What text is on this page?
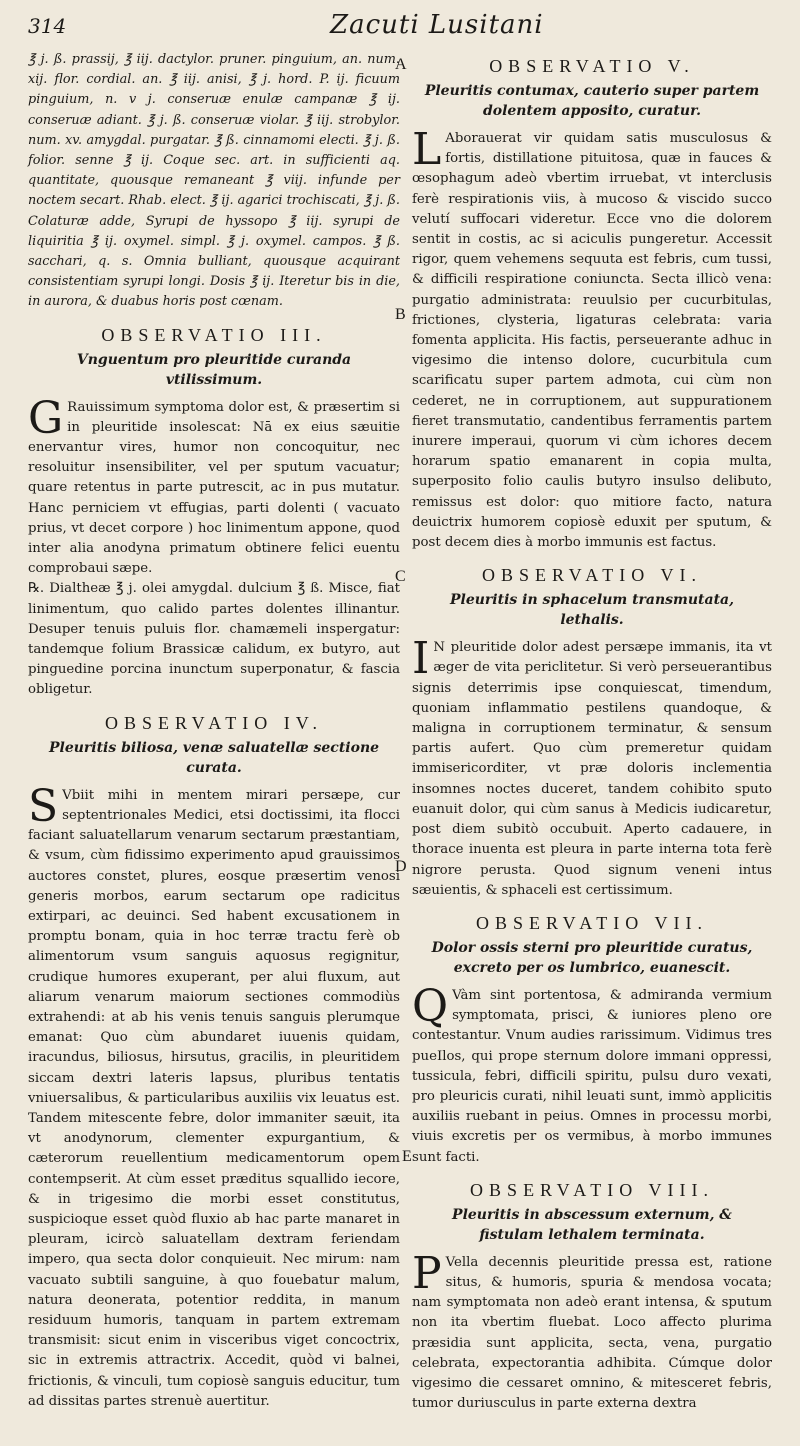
314	Zacuti Lusitani
A
B
C
D
E

℥ j. ß. prassij, ℥ iij. dactylor. pruner. pinguium, an. num. xij. flor. cordial. an. ℥ iij. anisi, ℥ j. hord. P. ij. ficuum pinguium, n. v j. conseruæ enulæ campanæ ℥ ij. conseruæ adiant. ℥ j. ß. conseruæ violar. ℥ iij. strobylor. num. xv. amygdal. purgatar. ℥ ß. cinnamomi electi. ℥ j. ß. folior. senne ℥ ij. Coque sec. art. in sufficienti aq. quantitate, quousque remaneant ℥ viij. infunde per noctem secart. Rhab. elect. ℥ ij. agarici trochiscati, ℥ j. ß. Colaturæ adde, Syrupi de hyssopo ℥ iij. syrupi de liquiritia ℥ ij. oxymel. simpl. ℥ j. oxymel. campos. ℥ ß. sacchari, q. s. Omnia bulliant, quousque acquirant consistentiam syrupi longi. Dosis ℥ ij. Iteretur bis in die, in aurora, & duabus horis post cœnam.

OBSERVATIO III.
Vnguentum pro pleuritide curanda vtilissimum.

G Rauissimum symptoma dolor est, & præsertim si in pleuritide insolescat: Nā ex eius sæuitie enervantur vires, humor non concoquitur, nec resoluitur insensibiliter, vel per sputum vacuatur; quare retentus in parte putrescit, ac in pus mutatur. Hanc perniciem vt effugias, parti dolenti ( vacuato prius, vt decet corpore ) hoc linimentum appone, quod inter alia anodyna primatum obtinere felici euentu comprobaui sæpe.

℞. Dialtheæ ℥ j. olei amygdal. dulcium ℥ ß. Misce, fiat linimentum, quo calido partes dolentes illinantur. Desuper tenuis puluis flor. chamæmeli inspergatur: tandemque folium Brassicæ calidum, ex butyro, aut pinguedine porcina inunctum superponatur, & fascia obligetur.

OBSERVATIO IV.
Pleuritis biliosa, venæ saluatellæ sectione curata.

S Vbiit mihi in mentem mirari persæpe, cur septentrionales Medici, etsi doctissimi, ita flocci faciant saluatellarum venarum sectarum præstantiam, & vsum, cùm fidissimo experimento apud grauissimos auctores constet, plures, eosque præsertim venosi generis morbos, earum sectarum ope radicitus extirpari, ac deuinci. Sed habent excusationem in promptu bonam, quia in hoc terræ tractu ferè ob alimentorum vsum sanguis aquosus regignitur, crudique humores exuperant, per alui fluxum, aut aliarum venarum maiorum sectiones commodiùs extrahendi: at ab his venis tenuis sanguis plerumque emanat: Quo cùm abundaret iuuenis quidam, iracundus, biliosus, hirsutus, gracilis, in pleuritidem siccam dextri lateris lapsus, pluribus tentatis vniuersalibus, & particularibus auxiliis vix leuatus est. Tandem mitescente febre, dolor immaniter sæuit, ita vt anodynorum, clementer expurgantium, & cæterorum reuellentium medicamentorum opem contempserit. At cùm esset præditus squallido iecore, & in trigesimo die morbi esset constitutus, suspicioque esset quòd fluxio ab hac parte manaret in pleuram, icircò saluatellam dextram feriendam impero, qua secta dolor conquieuit. Nec mirum: nam vacuato subtili sanguine, à quo fouebatur malum, natura deonerata, potentior reddita, in manum residuum humoris, tanquam in partem extremam transmisit: sicut enim in visceribus viget concoctrix, sic in extremis attractrix. Accedit, quòd vi balnei, frictionis, & vinculi, tum copiosè sanguis educitur, tum ad dissitas partes strenuè auertitur.

OBSERVATIO V.
Pleuritis contumax, cauterio super partem dolentem apposito, curatur.

L Aborauerat vir quidam satis musculosus & fortis, distillatione pituitosa, quæ in fauces & œsophagum adeò vbertim irruebat, vt interclusis ferè respirationis viis, à mucoso & viscido succo velutí suffocari videretur. Ecce vno die dolorem sentit in costis, ac si aciculis pungeretur. Accessit rigor, quem vehemens sequuta est febris, cum tussi, & difficili respiratione coniuncta. Secta illicò vena: purgatio administrata: reuulsio per cucurbitulas, frictiones, clysteria, ligaturas celebrata: varia fomenta applicita. His factis, perseuerante adhuc in vigesimo die intenso dolore, cucurbitula cum scarificatu super partem admota, cui cùm non cederet, ne in corruptionem, aut suppurationem fieret transmutatio, candentibus ferramentis partem inurere imperaui, quorum vi cùm ichores decem horarum spatio emanarent in copia multa, superposito folio caulis butyro insulso delibuto, remissus est dolor: quo mitiore facto, natura deuictrix humorem copiosè eduxit per sputum, & post decem dies à morbo immunis est factus.

OBSERVATIO VI.
Pleuritis in sphacelum transmutata, lethalis.

I N pleuritide dolor adest persæpe immanis, ita vt æger de vita periclitetur. Si verò perseuerantibus signis deterrimis ipse conquiescat, timendum, quoniam inflammatio pestilens quandoque, & maligna in corruptionem terminatur, & sensum partis aufert. Quo cùm premeretur quidam immisericorditer, vt præ doloris inclementia insomnes noctes duceret, tandem cohibito sputo euanuit dolor, qui cùm sanus à Medicis iudicaretur, post diem subitò occubuit. Aperto cadauere, in thorace inuenta est pleura in parte interna tota ferè nigrore perusta. Quod signum veneni intus sæuientis, & sphaceli est certissimum.

OBSERVATIO VII.
Dolor ossis sterni pro pleuritide curatus, excreto per os lumbrico, euanescit.

Q Vàm sint portentosa, & admiranda vermium symptomata, prisci, & iuniores pleno ore contestantur. Vnum audies rarissimum. Vidimus tres pueIlos, qui prope sternum dolore immani oppressi, tussicula, febri, difficili spiritu, pulsu duro vexati, pro pleuricis curati, nihil leuati sunt, immò applicitis auxiliis ruebant in peius. Omnes in processu morbi, viuis excretis per os vermibus, à morbo immunes sunt facti.

OBSERVATIO VIII.
Pleuritis in abscessum externum, & fistulam lethalem terminata.

P Vella decennis pleuritide pressa est, ratione situs, & humoris, spuria & mendosa vocata; nam symptomata non adeò erant intensa, & sputum non ita vbertim fluebat. Loco affecto plurima præsidia sunt applicita, secta, vena, purgatio celebrata, expectorantia adhibita. Cúmque dolor vigesimo die cessaret omnino, & mitesceret febris, tumor duriusculus in parte externa dextra
